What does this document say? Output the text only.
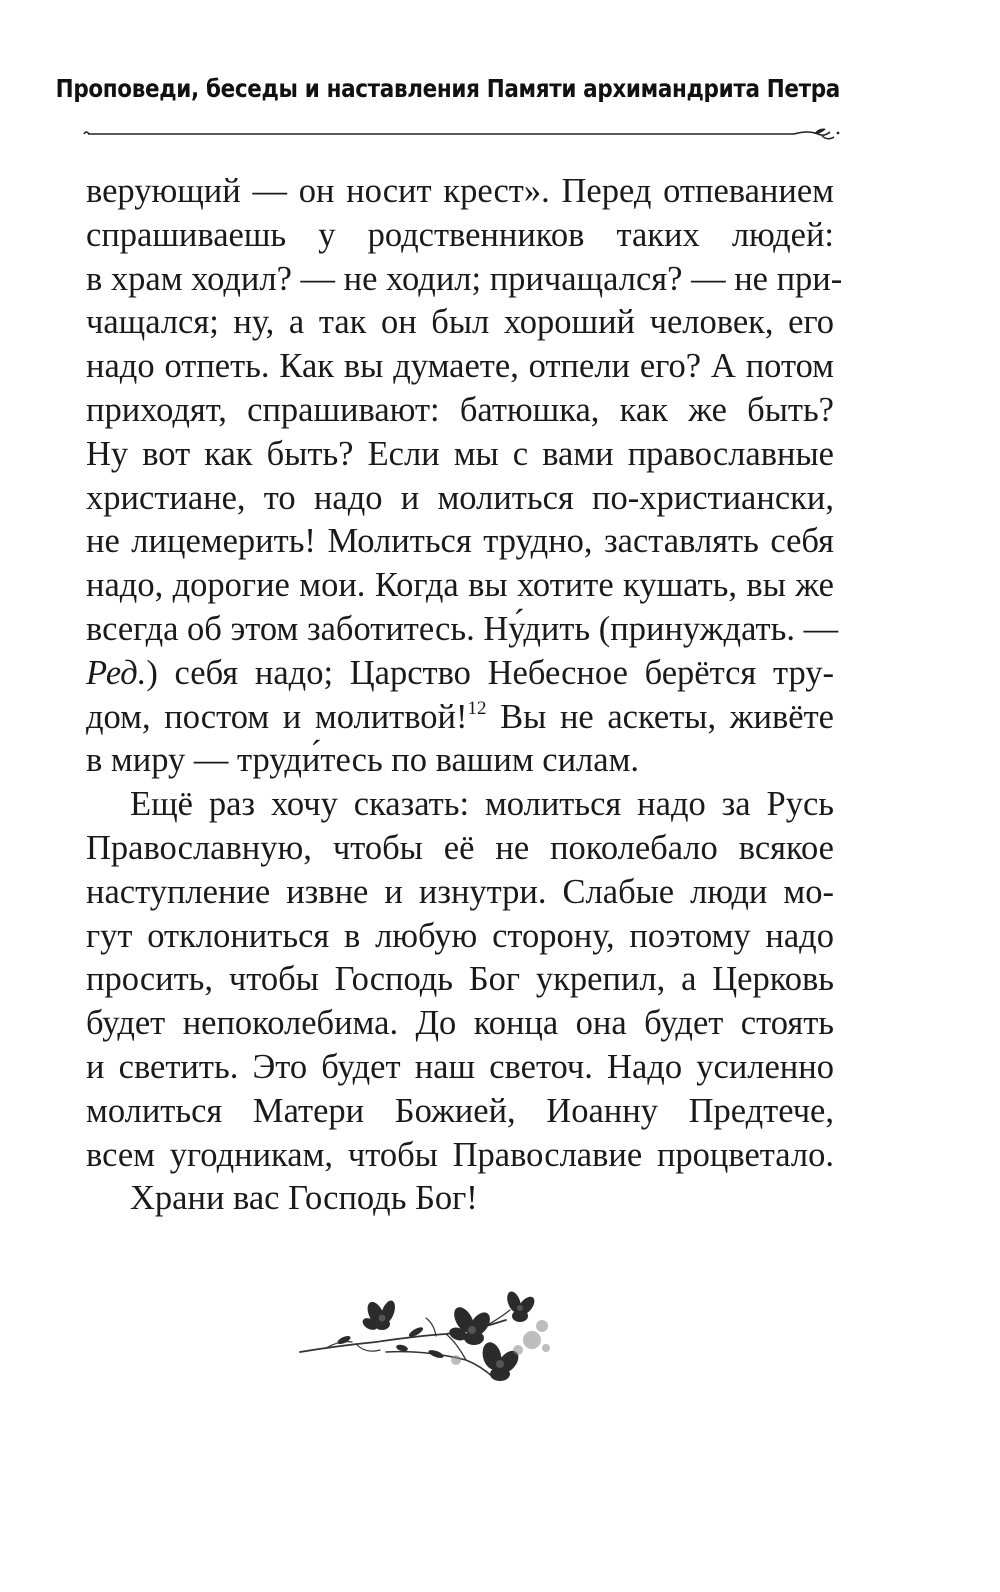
Проповеди, беседы и наставления Памяти архимандрита Петра
верующий — он носит крест». Перед отпеванием
спрашиваешь у родственников таких людей:
в храм ходил? — не ходил; причащался? — не при-
чащался; ну, а так он был хороший человек, его
надо отпеть. Как вы думаете, отпели его? А потом
приходят, спрашивают: батюшка, как же быть?
Ну вот как быть? Если мы с вами православные
христиане, то надо и молиться по-христиански,
не лицемерить! Молиться трудно, заставлять себя
надо, дорогие мои. Когда вы хотите кушать, вы же
всегда об этом заботитесь. Ну́дить (принуждать. —
Ред.) себя надо; Царство Небесное берётся тру-
дом, постом и молитвой!$^{12}$ Вы не аскеты, живёте
в миру — труди́тесь по вашим силам.
Ещё раз хочу сказать: молиться надо за Русь
Православную, чтобы её не поколебало всякое
наступление извне и изнутри. Слабые люди мо-
гут отклониться в любую сторону, поэтому надо
просить, чтобы Господь Бог укрепил, а Церковь
будет непоколебима. До конца она будет стоять
и светить. Это будет наш светоч. Надо усиленно
молиться Матери Божией, Иоанну Предтече,
всем угодникам, чтобы Православие процветало.
Храни вас Господь Бог!
